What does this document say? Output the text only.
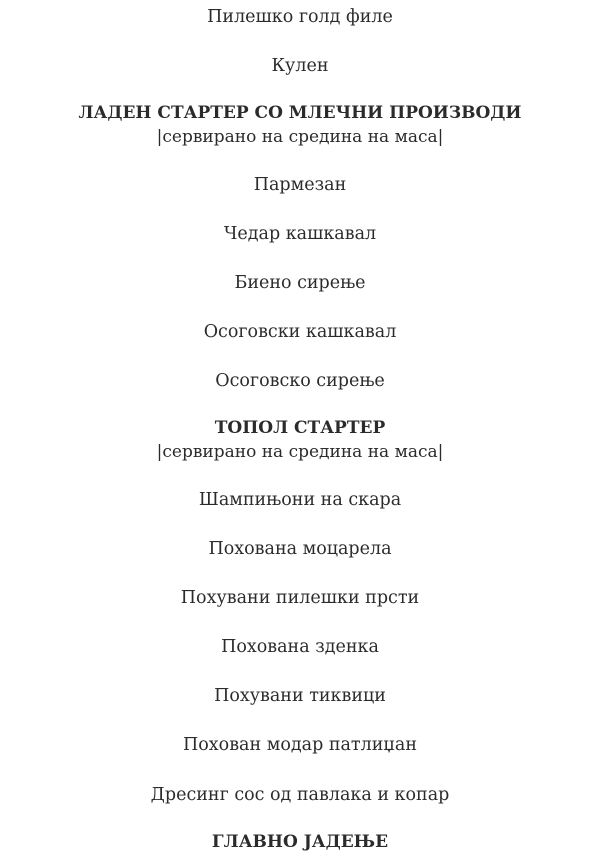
Пилешко голд филе
Кулен
ЛАДЕН СТАРТЕР СО МЛЕЧНИ ПРОИЗВОДИ
|сервирано на средина на маса|
Пармезан
Чедар кашкавал
Биено сирење
Осоговски кашкавал
Осоговско сирење
ТОПОЛ СТАРТЕР
|сервирано на средина на маса|
Шампињони на скара
Похована моцарела
Похувани пилешки прсти
Похована зденка
Похувани тиквици
Похован модар патлиџан
Дресинг сос од павлака и копар
ГЛАВНО ЈАДЕЊЕ
